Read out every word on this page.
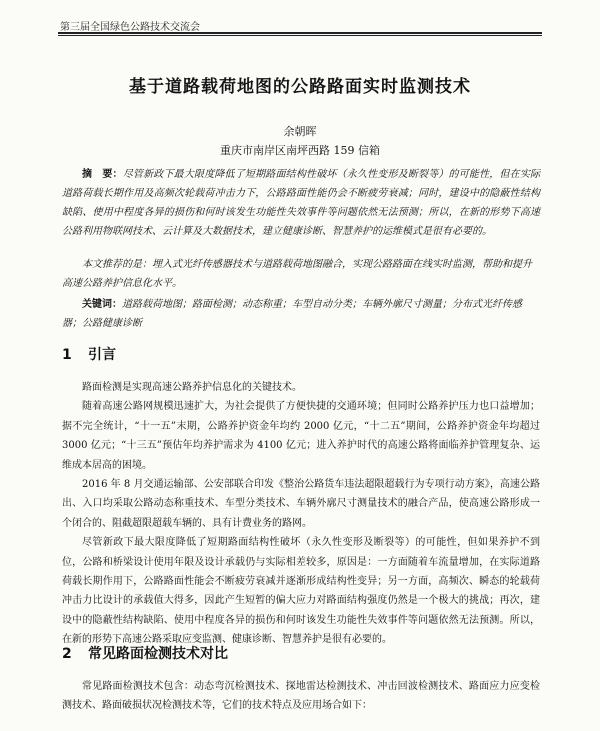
第三届全国绿色公路技术交流会
基于道路载荷地图的公路路面实时监测技术
余朝晖
重庆市南岸区南坪西路 159 信箱

摘　要：尽管新政下最大限度降低了短期路面结构性破坏（永久性变形及断裂等）的可能性，但在实际道路荷载长期作用及高频次轮载荷冲击力下，公路路面性能仍会不断疲劳衰减；同时，建设中的隐蔽性结构缺陷、使用中程度各异的损伤和何时该发生功能性失效事件等问题依然无法预测；所以，在新的形势下高速公路利用物联网技术、云计算及大数据技术，建立健康诊断、智慧养护的运维模式是很有必要的。

本文推荐的是：埋入式光纤传感器技术与道路载荷地图融合，实现公路路面在线实时监测，帮助和提升高速公路养护信息化水平。

关键词：道路载荷地图；路面检测；动态称重；车型自动分类；车辆外廓尺寸测量；分布式光纤传感器；公路健康诊断

1 引言

路面检测是实现高速公路养护信息化的关键技术。

随着高速公路网规模迅速扩大，为社会提供了方便快捷的交通环境；但同时公路养护压力也口益增加；据不完全统计，“十一五”末期，公路养护资金年均约 2000 亿元，“十二五”期间，公路养护资金年均超过 3000 亿元；“十三五”预估年均养护需求为 4100 亿元；进入养护时代的高速公路将面临养护管理复杂、运维成本居高的困境。

2016 年 8 月交通运输部、公安部联合印发《整治公路货车违法超限超载行为专项行动方案》，高速公路出、入口均采取公路动态称重技术、车型分类技术、车辆外廓尺寸测量技术的融合产品，使高速公路形成一个闭合的、阻截超限超载车辆的、具有计费业务的路网。

尽管新政下最大限度降低了短期路面结构性破坏（永久性变形及断裂等）的可能性，但如果养护不到位，公路和桥梁设计使用年限及设计承载仍与实际相差较多，原因是：一方面随着车流量增加，在实际道路荷载长期作用下，公路路面性能会不断疲劳衰减并逐渐形成结构性变异；另一方面，高频次、瞬态的轮载荷冲击力比设计的承载值大得多，因此产生短暂的偏大应力对路面结构强度仍然是一个极大的挑战；再次，建设中的隐蔽性结构缺陷、使用中程度各异的损伤和何时该发生功能性失效事件等问题依然无法预测。所以，在新的形势下高速公路采取应变监测、健康诊断、智慧养护是很有必要的。

2 常见路面检测技术对比

常见路面检测技术包含：动态弯沉检测技术、探地雷达检测技术、冲击回波检测技术、路面应力应变检测技术、路面破损状况检测技术等，它们的技术特点及应用场合如下：
